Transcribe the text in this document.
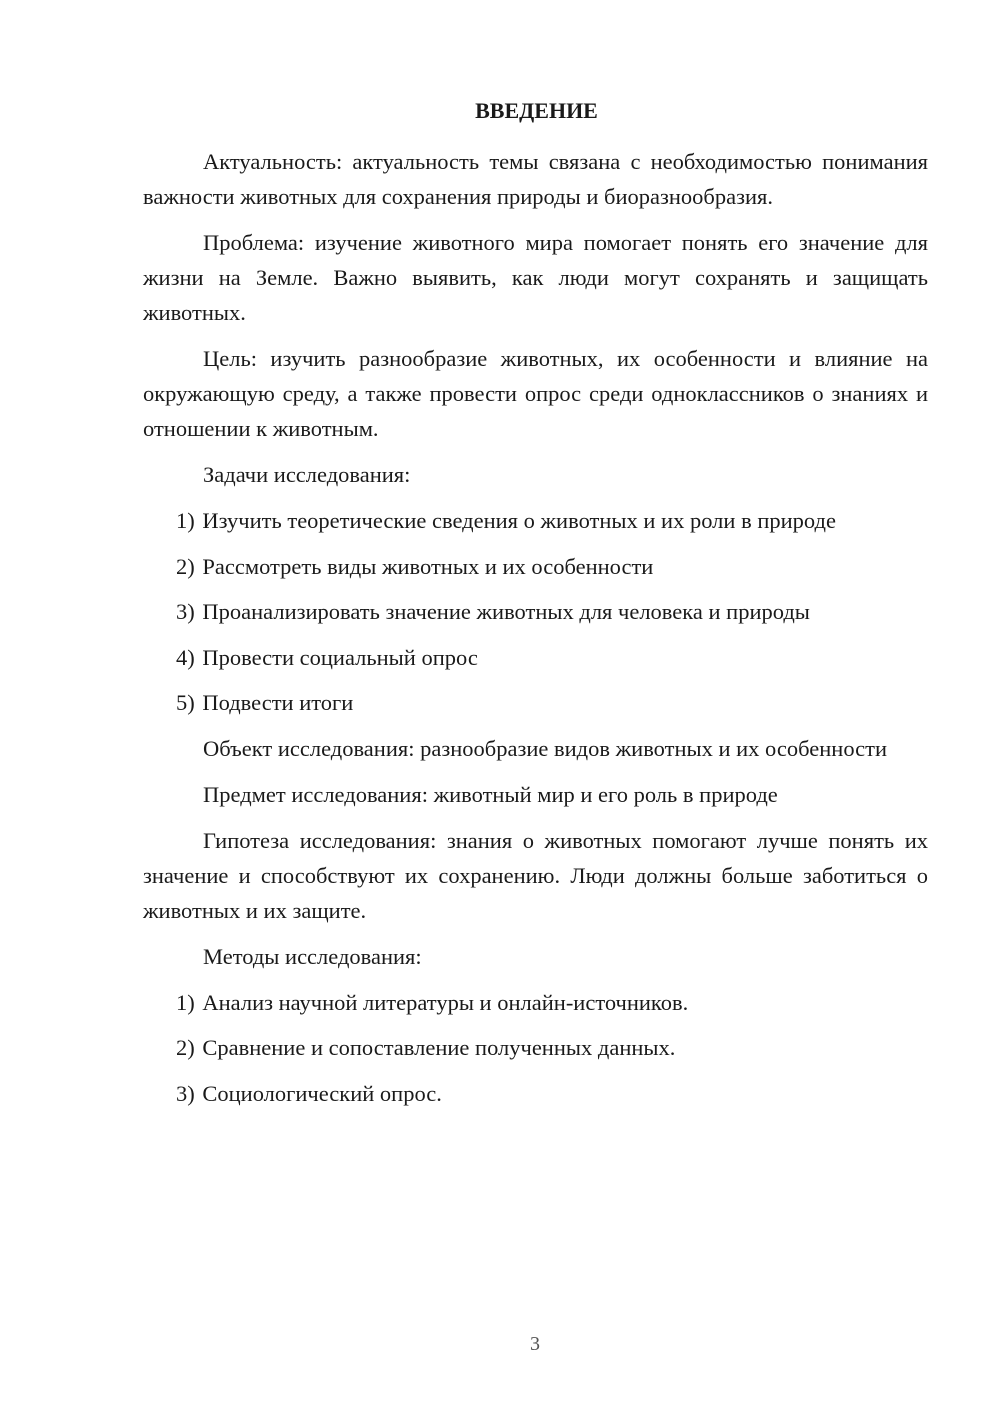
ВВЕДЕНИЕ

Актуальность: актуальность темы связана с необходимостью понимания важности животных для сохранения природы и биоразнообразия.

Проблема: изучение животного мира помогает понять его значение для жизни на Земле. Важно выявить, как люди могут сохранять и защищать животных.

Цель: изучить разнообразие животных, их особенности и влияние на окружающую среду, а также провести опрос среди одноклассников о знаниях и отношении к животным.

Задачи исследования:

1) Изучить теоретические сведения о животных и их роли в природе
2) Рассмотреть виды животных и их особенности
3) Проанализировать значение животных для человека и природы
4) Провести социальный опрос
5) Подвести итоги

Объект исследования: разнообразие видов животных и их особенности

Предмет исследования: животный мир и его роль в природе

Гипотеза исследования: знания о животных помогают лучше понять их значение и способствуют их сохранению. Люди должны больше заботиться о животных и их защите.

Методы исследования:

1) Анализ научной литературы и онлайн-источников.
2) Сравнение и сопоставление полученных данных.
3) Социологический опрос.
3
